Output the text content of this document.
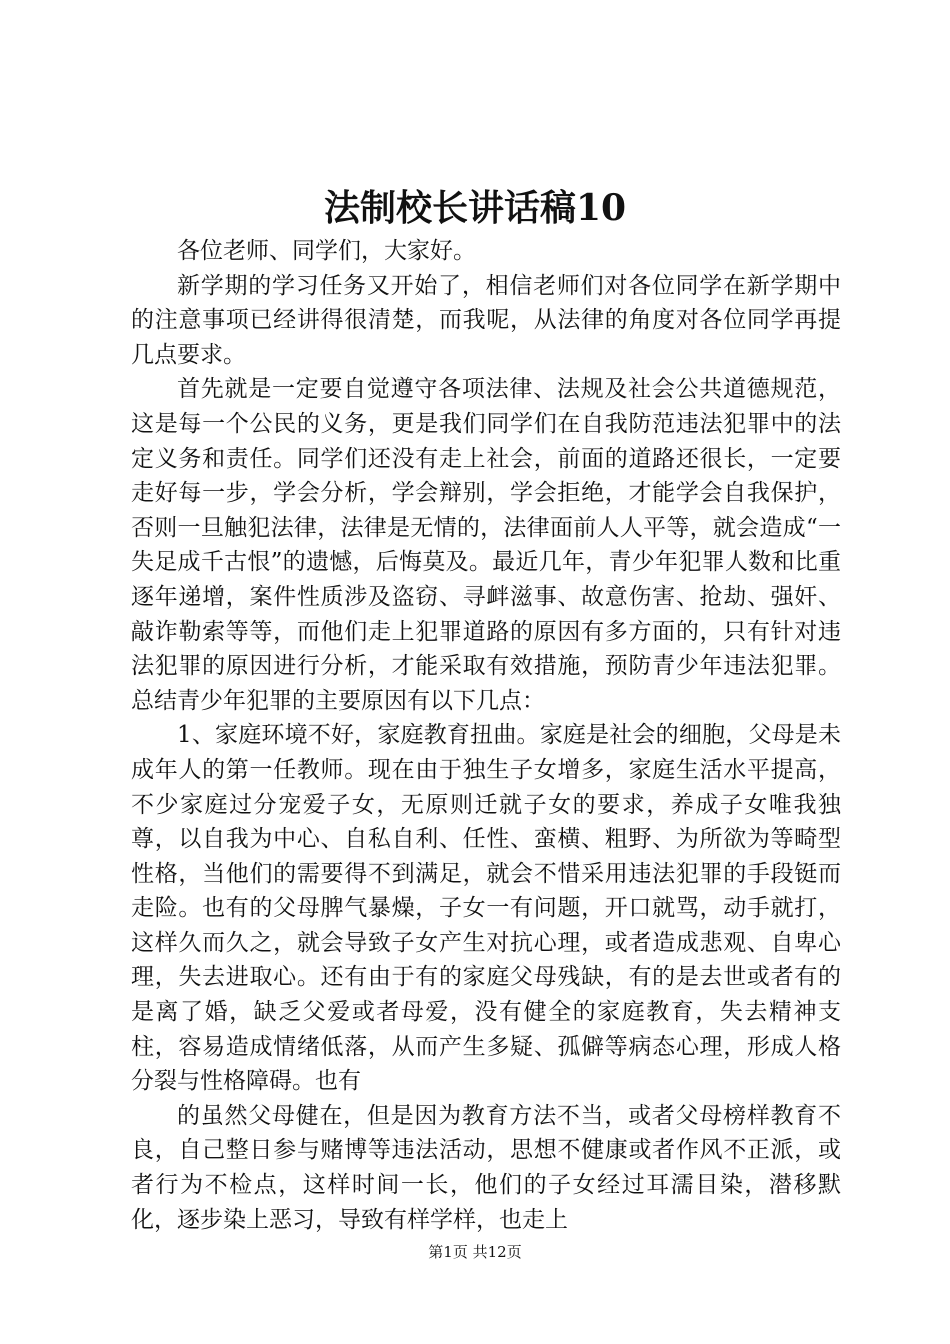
法制校长讲话稿10

各位老师、同学们，大家好。

新学期的学习任务又开始了，相信老师们对各位同学在新学期中的注意事项已经讲得很清楚，而我呢，从法律的角度对各位同学再提几点要求。

首先就是一定要自觉遵守各项法律、法规及社会公共道德规范，这是每一个公民的义务，更是我们同学们在自我防范违法犯罪中的法定义务和责任。同学们还没有走上社会，前面的道路还很长，一定要走好每一步，学会分析，学会辩别，学会拒绝，才能学会自我保护，否则一旦触犯法律，法律是无情的，法律面前人人平等，就会造成“一失足成千古恨”的遗憾，后悔莫及。最近几年，青少年犯罪人数和比重逐年递增，案件性质涉及盗窃、寻衅滋事、故意伤害、抢劫、强奸、敲诈勒索等等，而他们走上犯罪道路的原因有多方面的，只有针对违法犯罪的原因进行分析，才能采取有效措施，预防青少年违法犯罪。总结青少年犯罪的主要原因有以下几点：

1、家庭环境不好，家庭教育扭曲。家庭是社会的细胞，父母是未成年人的第一任教师。现在由于独生子女增多，家庭生活水平提高，不少家庭过分宠爱子女，无原则迁就子女的要求，养成子女唯我独尊，以自我为中心、自私自利、任性、蛮横、粗野、为所欲为等畸型性格，当他们的需要得不到满足，就会不惜采用违法犯罪的手段铤而走险。也有的父母脾气暴燥，子女一有问题，开口就骂，动手就打，这样久而久之，就会导致子女产生对抗心理，或者造成悲观、自卑心理，失去进取心。还有由于有的家庭父母残缺，有的是去世或者有的是离了婚，缺乏父爱或者母爱，没有健全的家庭教育，失去精神支柱，容易造成情绪低落，从而产生多疑、孤僻等病态心理，形成人格分裂与性格障碍。也有

的虽然父母健在，但是因为教育方法不当，或者父母榜样教育不良，自己整日参与赌博等违法活动，思想不健康或者作风不正派，或者行为不检点，这样时间一长，他们的子女经过耳濡目染，潜移默化，逐步染上恶习，导致有样学样，也走上

第1页 共12页
